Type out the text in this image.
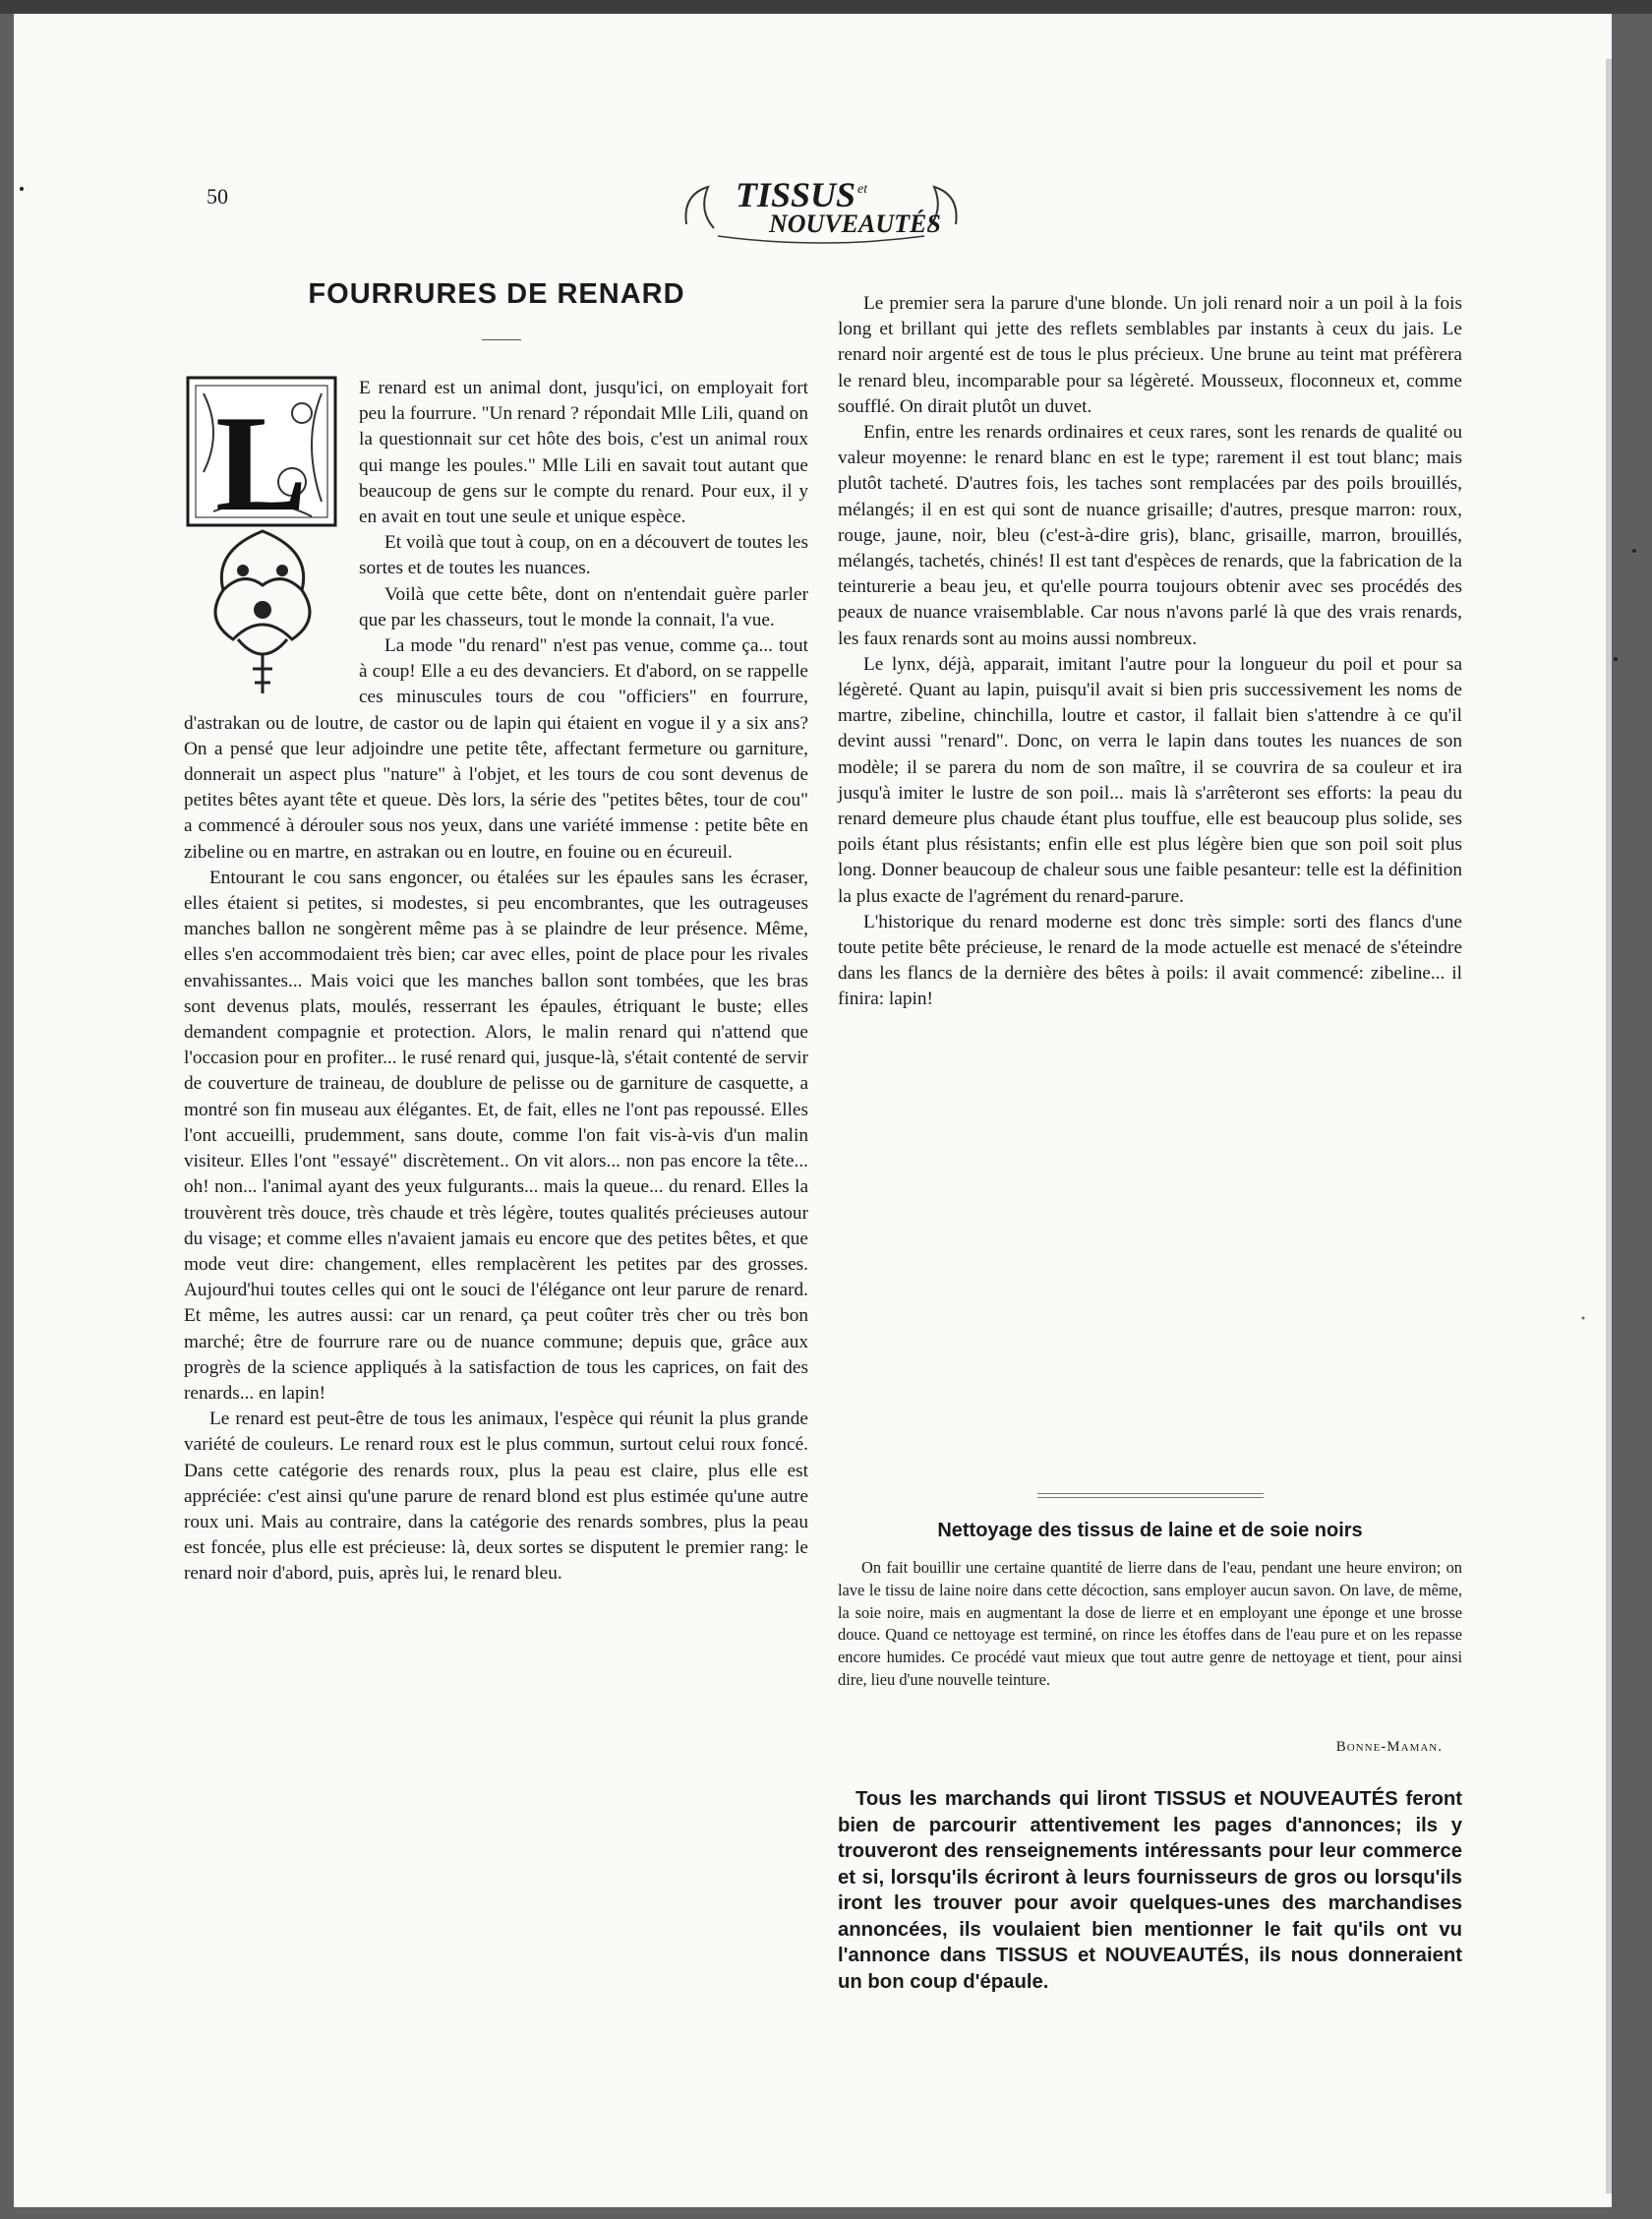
50	TISSUS et
NOUVEAUTÉS
FOURRURES DE RENARD
L	E renard est un animal dont, jusqu'ici, on employait fort peu la fourrure. "Un renard ? répondait Mlle Lili, quand on la questionnait sur cet hôte des bois, c'est un animal roux qui mange les poules." Mlle Lili en savait tout autant que beaucoup de gens sur le compte du renard. Pour eux, il y en avait en tout une seule et unique espèce.

Et voilà que tout à coup, on en a découvert de toutes les sortes et de toutes les nuances.

Voilà que cette bête, dont on n'entendait guère parler que par les chasseurs, tout le monde la connait, l'a vue.

La mode "du renard" n'est pas venue, comme ça... tout à coup! Elle a eu des devanciers. Et d'abord, on se rappelle ces minuscules tours de cou "officiers" en fourrure, d'astrakan ou de loutre, de castor ou de lapin qui étaient en vogue il y a six ans? On a pensé que leur adjoindre une petite tête, affectant fermeture ou garniture, donnerait un aspect plus "nature" à l'objet, et les tours de cou sont devenus de petites bêtes ayant tête et queue. Dès lors, la série des "petites bêtes, tour de cou" a commencé à dérouler sous nos yeux, dans une variété immense : petite bête en zibeline ou en martre, en astrakan ou en loutre, en fouine ou en écureuil.

Entourant le cou sans engoncer, ou étalées sur les épaules sans les écraser, elles étaient si petites, si modestes, si peu encombrantes, que les outrageuses manches ballon ne songèrent même pas à se plaindre de leur présence. Même, elles s'en accommodaient très bien; car avec elles, point de place pour les rivales envahissantes... Mais voici que les manches ballon sont tombées, que les bras sont devenus plats, moulés, resserrant les épaules, étriquant le buste; elles demandent compagnie et protection. Alors, le malin renard qui n'attend que l'occasion pour en profiter... le rusé renard qui, jusque-là, s'était contenté de servir de couverture de traineau, de doublure de pelisse ou de garniture de casquette, a montré son fin museau aux élégantes. Et, de fait, elles ne l'ont pas repoussé. Elles l'ont accueilli, prudemment, sans doute, comme l'on fait vis-à-vis d'un malin visiteur. Elles l'ont "essayé" discrètement.. On vit alors... non pas encore la tête... oh! non... l'animal ayant des yeux fulgurants... mais la queue... du renard. Elles la trouvèrent très douce, très chaude et très légère, toutes qualités précieuses autour du visage; et comme elles n'avaient jamais eu encore que des petites bêtes, et que mode veut dire: changement, elles remplacèrent les petites par des grosses. Aujourd'hui toutes celles qui ont le souci de l'élégance ont leur parure de renard. Et même, les autres aussi: car un renard, ça peut coûter très cher ou très bon marché; être de fourrure rare ou de nuance commune; depuis que, grâce aux progrès de la science appliqués à la satisfaction de tous les caprices, on fait des renards... en lapin!

Le renard est peut-être de tous les animaux, l'espèce qui réunit la plus grande variété de couleurs. Le renard roux est le plus commun, surtout celui roux foncé. Dans cette catégorie des renards roux, plus la peau est claire, plus elle est appréciée: c'est ainsi qu'une parure de renard blond est plus estimée qu'une autre roux uni. Mais au contraire, dans la catégorie des renards sombres, plus la peau est foncée, plus elle est précieuse: là, deux sortes se disputent le premier rang: le renard noir d'abord, puis, après lui, le renard bleu.

Le premier sera la parure d'une blonde. Un joli renard noir a un poil à la fois long et brillant qui jette des reflets semblables par instants à ceux du jais. Le renard noir argenté est de tous le plus précieux. Une brune au teint mat préfèrera le renard bleu, incomparable pour sa légèreté. Mousseux, floconneux et, comme soufflé. On dirait plutôt un duvet.

Enfin, entre les renards ordinaires et ceux rares, sont les renards de qualité ou valeur moyenne: le renard blanc en est le type; rarement il est tout blanc; mais plutôt tacheté. D'autres fois, les taches sont remplacées par des poils brouillés, mélangés; il en est qui sont de nuance grisaille; d'autres, presque marron: roux, rouge, jaune, noir, bleu (c'est-à-dire gris), blanc, grisaille, marron, brouillés, mélangés, tachetés, chinés! Il est tant d'espèces de renards, que la fabrication de la teinturerie a beau jeu, et qu'elle pourra toujours obtenir avec ses procédés des peaux de nuance vraisemblable. Car nous n'avons parlé là que des vrais renards, les faux renards sont au moins aussi nombreux.

Le lynx, déjà, apparait, imitant l'autre pour la longueur du poil et pour sa légèreté. Quant au lapin, puisqu'il avait si bien pris successivement les noms de martre, zibeline, chinchilla, loutre et castor, il fallait bien s'attendre à ce qu'il devint aussi "renard". Donc, on verra le lapin dans toutes les nuances de son modèle; il se parera du nom de son maître, il se couvrira de sa couleur et ira jusqu'à imiter le lustre de son poil... mais là s'arrêteront ses efforts: la peau du renard demeure plus chaude étant plus touffue, elle est beaucoup plus solide, ses poils étant plus résistants; enfin elle est plus légère bien que son poil soit plus long. Donner beaucoup de chaleur sous une faible pesanteur: telle est la définition la plus exacte de l'agrément du renard-parure.

L'historique du renard moderne est donc très simple: sorti des flancs d'une toute petite bête précieuse, le renard de la mode actuelle est menacé de s'éteindre dans les flancs de la dernière des bêtes à poils: il avait commencé: zibeline... il finira: lapin!

Nettoyage des tissus de laine et de soie noirs

On fait bouillir une certaine quantité de lierre dans de l'eau, pendant une heure environ; on lave le tissu de laine noire dans cette décoction, sans employer aucun savon. On lave, de même, la soie noire, mais en augmentant la dose de lierre et en employant une éponge et une brosse douce. Quand ce nettoyage est terminé, on rince les étoffes dans de l'eau pure et on les repasse encore humides. Ce procédé vaut mieux que tout autre genre de nettoyage et tient, pour ainsi dire, lieu d'une nouvelle teinture.

Bonne-Maman.

Tous les marchands qui liront TISSUS et NOUVEAUTÉS feront bien de parcourir attentivement les pages d'annonces; ils y trouveront des renseignements intéressants pour leur commerce et si, lorsqu'ils écriront à leurs fournisseurs de gros ou lorsqu'ils iront les trouver pour avoir quelques-unes des marchandises annoncées, ils voulaient bien mentionner le fait qu'ils ont vu l'annonce dans TISSUS et NOUVEAUTÉS, ils nous donneraient un bon coup d'épaule.
